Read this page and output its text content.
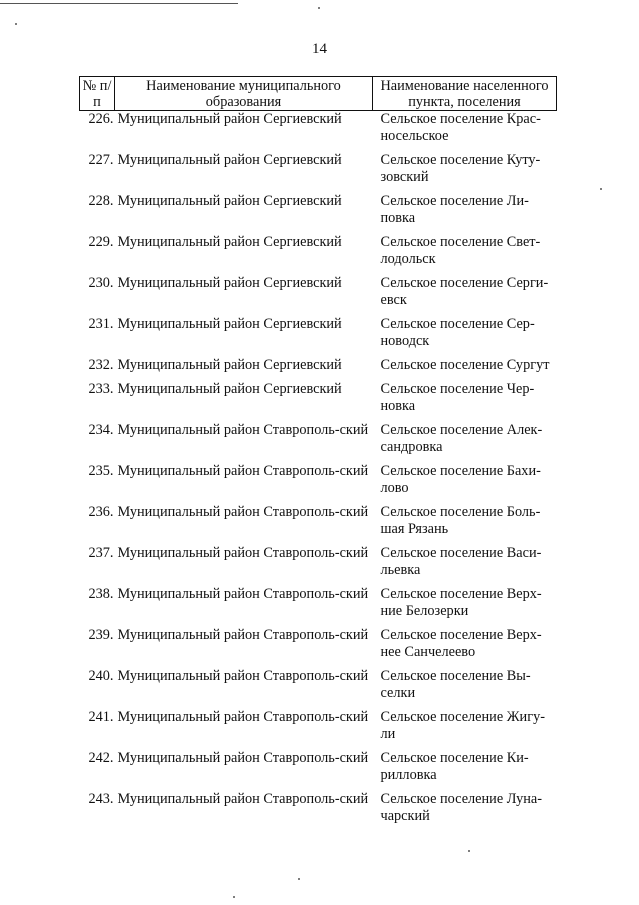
14
№ п/п	Наименование муниципального образования	Наименование населенного пункта, поселения
226.	Муниципальный район Сергиевский	Сельское поселение Крас-носельское
227.	Муниципальный район Сергиевский	Сельское поселение Куту-зовский
228.	Муниципальный район Сергиевский	Сельское поселение Ли-повка
229.	Муниципальный район Сергиевский	Сельское поселение Свет-лодольск
230.	Муниципальный район Сергиевский	Сельское поселение Серги-евск
231.	Муниципальный район Сергиевский	Сельское поселение Сер-новодск
232.	Муниципальный район Сергиевский	Сельское поселение Сургут
233.	Муниципальный район Сергиевский	Сельское поселение Чер-новка
234.	Муниципальный район Ставрополь-ский	Сельское поселение Алек-сандровка
235.	Муниципальный район Ставрополь-ский	Сельское поселение Бахи-лово
236.	Муниципальный район Ставрополь-ский	Сельское поселение Боль-шая Рязань
237.	Муниципальный район Ставрополь-ский	Сельское поселение Васи-льевка
238.	Муниципальный район Ставрополь-ский	Сельское поселение Верх-ние Белозерки
239.	Муниципальный район Ставрополь-ский	Сельское поселение Верх-нее Санчелеево
240.	Муниципальный район Ставрополь-ский	Сельское поселение Вы-селки
241.	Муниципальный район Ставрополь-ский	Сельское поселение Жигу-ли
242.	Муниципальный район Ставрополь-ский	Сельское поселение Ки-рилловка
243.	Муниципальный район Ставрополь-ский	Сельское поселение Луна-чарский
